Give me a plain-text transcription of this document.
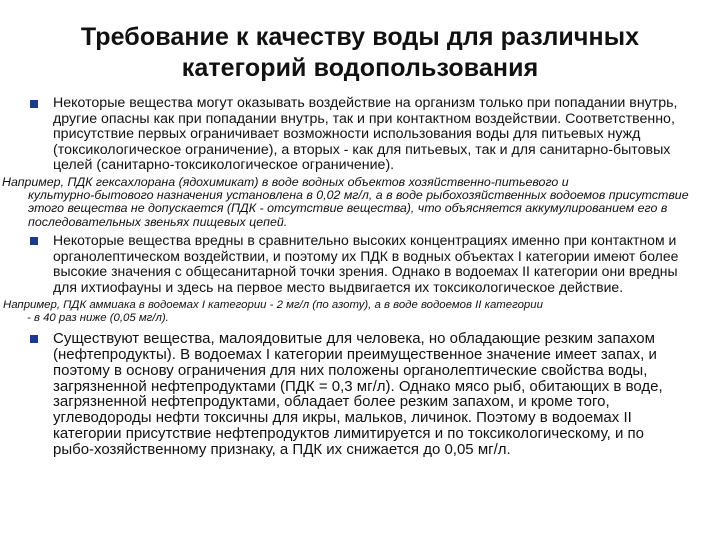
Требование к качеству воды для различных
категорий водопользования
Некоторые вещества могут оказывать воздействие на организм только при попадании внутрь, другие опасны как при попадании внутрь, так и при контактном воздействии. Соответственно, присутствие первых ограничивает возможности использования воды для питьевых нужд (токсикологическое ограничение), а вторых - как для питьевых, так и для санитарно-бытовых целей (санитарно-токсикологическое ограничение).
Например, ПДК гексахлорана (ядохимикат) в воде водных объектов хозяйственно-питьевого и
культурно-бытового назначения установлена в 0,02 мг/л, а в воде рыбохозяйственных водоемов присутствие этого вещества не допускается (ПДК - отсутствие вещества), что объясняется аккумулированием его в последовательных звеньях пищевых цепей.
Некоторые вещества вредны в сравнительно высоких концентрациях именно при контактном и органолептическом воздействии, и поэтому их ПДК в водных объектах I категории имеют более высокие значения с общесанитарной точки зрения. Однако в водоемах II категории они вредны для ихтиофауны и здесь на первое место выдвигается их токсикологическое действие.
Например, ПДК аммиака в водоемах I категории - 2 мг/л (по азоту), а в воде водоемов II категории
- в 40 раз ниже (0,05 мг/л).
Существуют вещества, малоядовитые для человека, но обладающие резким запахом (нефтепродукты). В водоемах I категории преимущественное значение имеет запах, и поэтому в основу ограничения для них положены органолептические свойства воды, загрязненной нефтепродуктами (ПДК = 0,3 мг/л). Однако мясо рыб, обитающих в воде, загрязненной нефтепродуктами, обладает более резким запахом, и кроме того, углеводороды нефти токсичны для икры, мальков, личинок. Поэтому в водоемах II категории присутствие нефтепродуктов лимитируется и по токсикологическому, и по рыбо-хозяйственному признаку, а ПДК их снижается до 0,05 мг/л.
